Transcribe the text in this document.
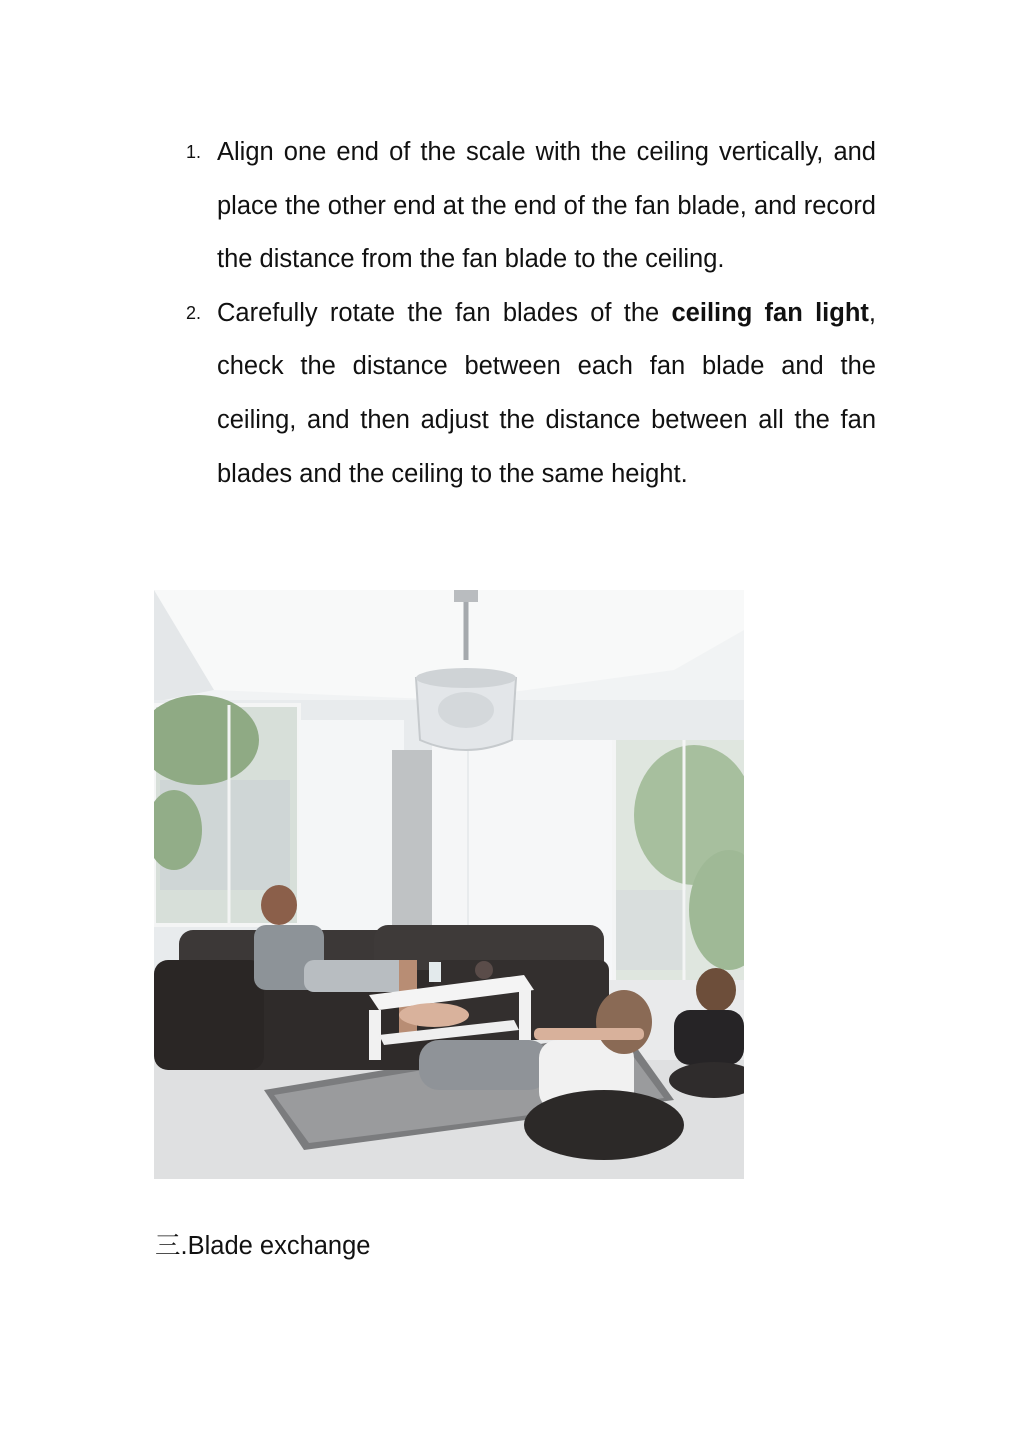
1. Align one end of the scale with the ceiling vertically, and place the other end at the end of the fan blade, and record the distance from the fan blade to the ceiling.
2. Carefully rotate the fan blades of the ceiling fan light, check the distance between each fan blade and the ceiling, and then adjust the distance between all the fan blades and the ceiling to the same height.
三.Blade exchange
